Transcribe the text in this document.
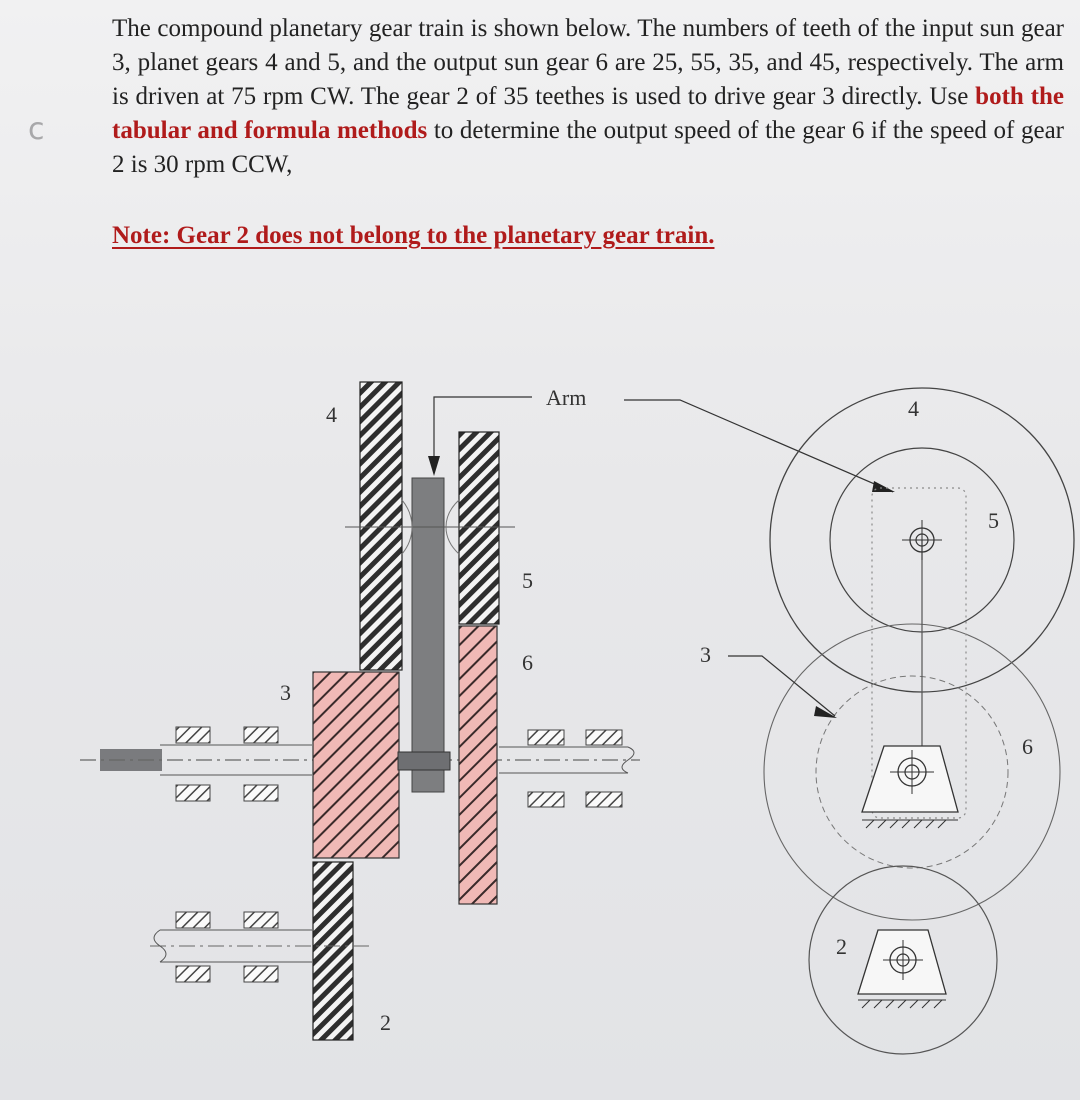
c

The compound planetary gear train is shown below. The numbers of teeth of the input sun gear 3, planet gears 4 and 5, and the output sun gear 6 are 25, 55, 35, and 45, respectively. The arm is driven at 75 rpm CW. The gear 2 of 35 teethes is used to drive gear 3 directly. Use both the tabular and formula methods to determine the output speed of the gear 6 if the speed of gear 2 is 30 rpm CCW,

Note: Gear 2 does not belong to the planetary gear train.
4
5
6
3
2
Arm	4
5
3
6
2
